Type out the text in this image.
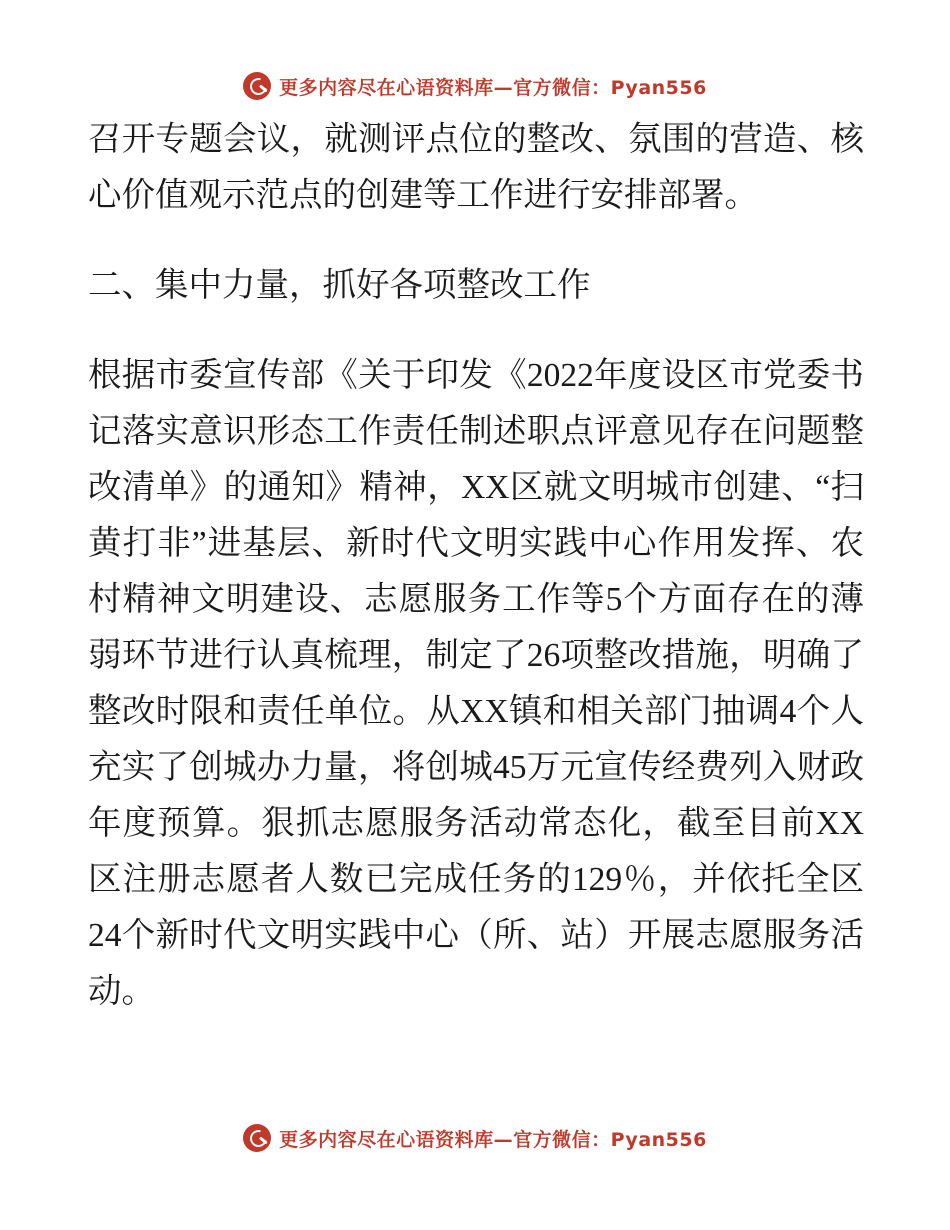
更多内容尽在心语资料库—官方微信：Pyan556

召开专题会议，就测评点位的整改、氛围的营造、核心价值观示范点的创建等工作进行安排部署。

二、集中力量，抓好各项整改工作

根据市委宣传部《关于印发《2022年度设区市党委书记落实意识形态工作责任制述职点评意见存在问题整改清单》的通知》精神，XX区就文明城市创建、“扫黄打非”进基层、新时代文明实践中心作用发挥、农村精神文明建设、志愿服务工作等5个方面存在的薄弱环节进行认真梳理，制定了26项整改措施，明确了整改时限和责任单位。从XX镇和相关部门抽调4个人充实了创城办力量，将创城45万元宣传经费列入财政年度预算。狠抓志愿服务活动常态化，截至目前XX区注册志愿者人数已完成任务的129％，并依托全区24个新时代文明实践中心（所、站）开展志愿服务活动。

更多内容尽在心语资料库—官方微信：Pyan556
